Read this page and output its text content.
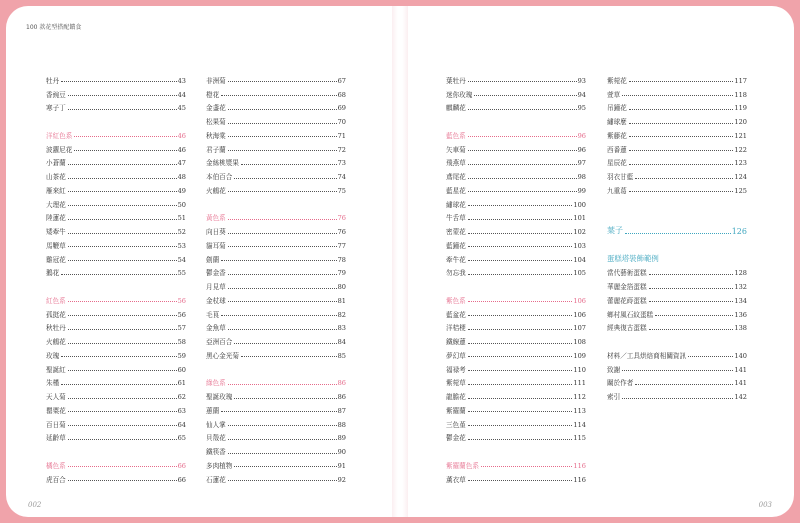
100 款花型搭配饋食
牡丹	43
香豌豆	44
寒子丁	45
洋紅色系	46
波蘿尼花	46
小蒼蘭	47
山茶花	48
雁來紅	49
大理花	50
陸蓮花	51
矮牽牛	52
馬鞭草	53
雞冠花	54
鵝花	55
紅色系	56
孤挺花	56
秋牡丹	57
火鶴花	58
玫瑰	59
聖誕紅	60
朱槿	61
天人菊	62
罌粟花	63
百日菊	64
延齡草	65
橘色系	66
虎百合	66
非洲菊	67
橙花	68
金盞花	69
松果菊	70
秋海棠	71
君子蘭	72
金絲桃漿果	73
本伯百合	74
火鶴花	75
黃色系	76
向日葵	76
貓耳菊	77
劍蘭	78
鬱金香	79
月見草	80
金杖球	81
毛茛	82
金魚草	83
亞洲百合	84
黑心金光菊	85
綠色系	86
聖誕玫瑰	86
蕙蘭	87
仙人掌	88
貝殼花	89
鐵筷香	90
多肉植物	91
石蓮花	92
葉牡丹	93
迷你玫瑰	94
麒麟花	95
藍色系	96
矢車菊	96
飛燕草	97
鳶尾花	98
藍星花	99
繡球花	100
牛舌草	101
密蒙花	102
藍鐘花	103
牽牛花	104
勿忘我	105
紫色系	106
藍盆花	106
洋桔梗	107
鐵線蓮	108
夢幻草	109
福禄考	110
紫菀草	111
龍膽花	112
紫羅蘭	113
三色堇	114
鬱金花	115
紫羅蘭色系	116
薰衣草	116
紫菀花	117
萱草	118
吊鐘花	119
繡球麼	120
紫藤花	121
西番蓮	122
星辰花	123
羽衣甘藍	124
九重葛	125
葉子	126
蛋糕塔裝飾範例
當代藝術蛋糕	128
華麗金箔蛋糕	132
蕾麗花蒔蛋糕	134
鄉村風石紋蛋糕	136
經典復古蛋糕	138
材料／工具烘焙商相關資訊	140
致謝	141
關於作者	141
索引	142
002	003
